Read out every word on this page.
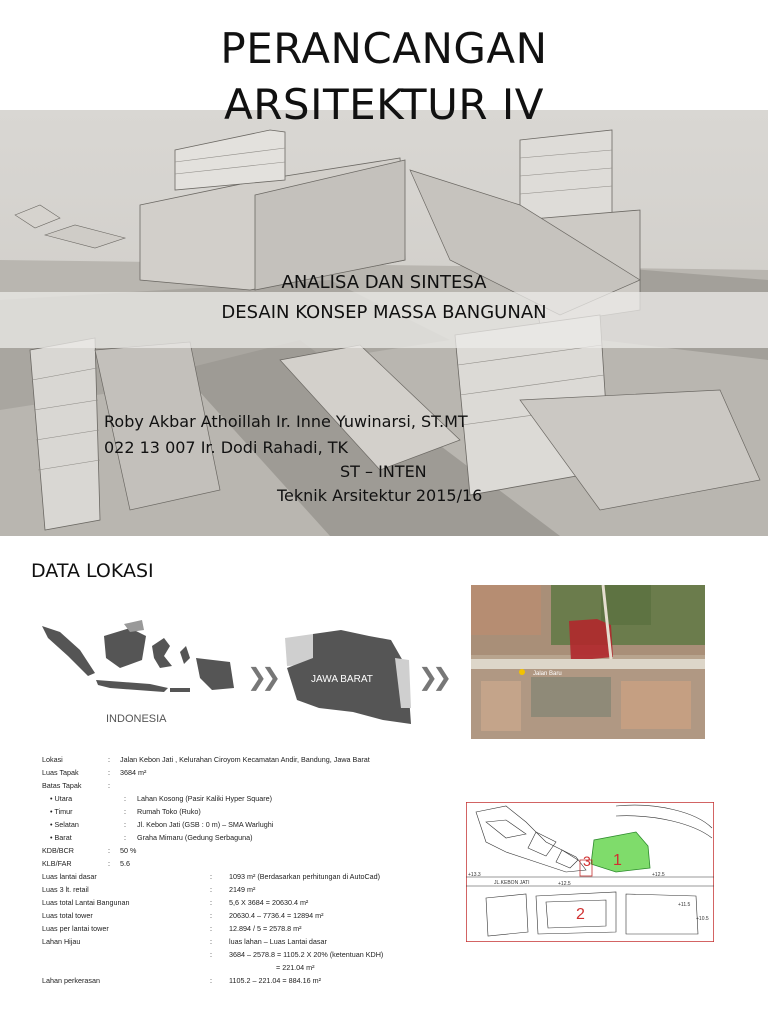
PERANCANGAN
ARSITEKTUR IV
ANALISA DAN SINTESA
DESAIN KONSEP MASSA BANGUNAN
Roby Akbar Athoillah Ir. Inne Yuwinarsi, ST.MT
022 13 007 Ir. Dodi Rahadi, TK
ST – INTEN
Teknik Arsitektur 2015/16
DATA LOKASI
INDONESIA
❯❯	❯❯
JAWA BARAT	Jalan Baru
1
3
2
JL.KEBON JATI	+12.5
+12.5
+13.3
+11.5
+10.5
Lokasi	: Jalan Kebon Jati , Kelurahan Ciroyom Kecamatan Andir, Bandung, Jawa Barat
Luas Tapak	: 3684 m²
Batas Tapak	:
• Utara	: Lahan Kosong (Pasir Kaliki Hyper Square)
• Timur	: Rumah Toko (Ruko)
• Selatan	: Jl. Kebon Jati (GSB : 0 m) – SMA Warlughi
• Barat	: Graha Mimaru (Gedung Serbaguna)
KDB/BCR	: 50 %
KLB/FAR	: 5.6
Luas lantai dasar	: 1093 m² (Berdasarkan perhitungan di AutoCad)
Luas 3 lt. retail	: 2149 m²
Luas total Lantai Bangunan	: 5,6 X 3684 = 20630.4 m²
Luas total tower	: 20630.4 – 7736.4 = 12894 m²
Luas per lantai tower	: 12.894 / 5 = 2578.8 m²
Lahan Hijau	: luas lahan – Luas Lantai dasar
: 3684 – 2578.8 = 1105.2 X 20% (ketentuan KDH)
= 221.04 m²
Lahan perkerasan	: 1105.2 – 221.04 = 884.16 m²
